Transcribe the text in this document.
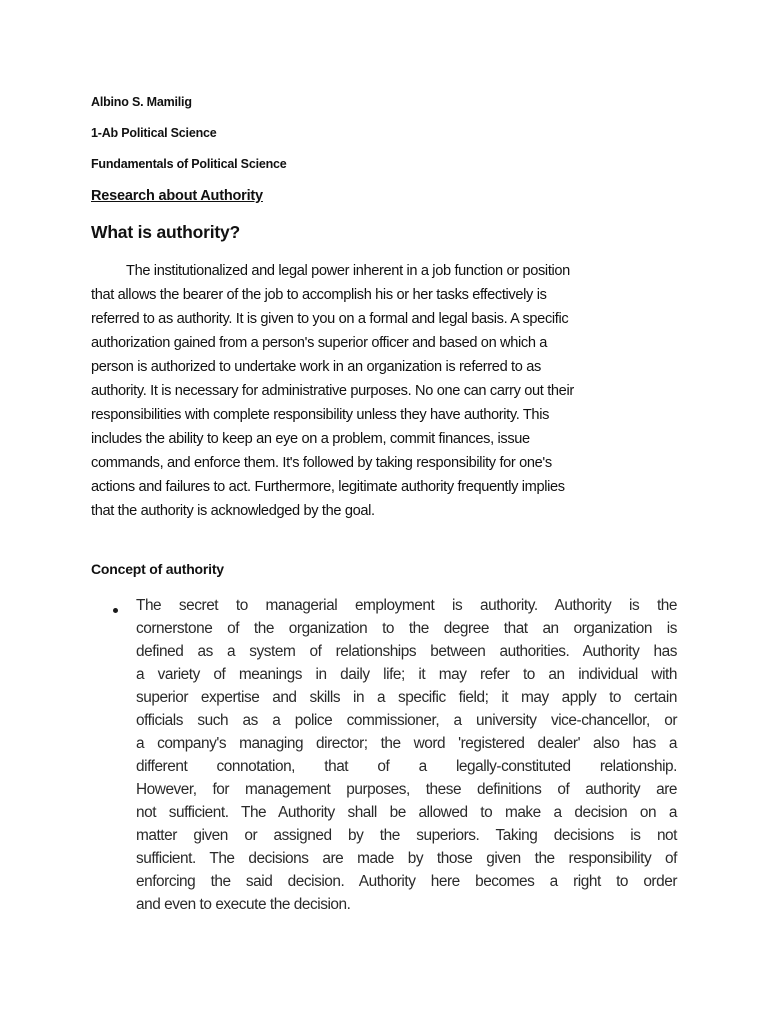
Albino S. Mamilig
1-Ab Political Science
Fundamentals of Political Science
Research about Authority
What is authority?
The institutionalized and legal power inherent in a job function or position
that allows the bearer of the job to accomplish his or her tasks effectively is
referred to as authority. It is given to you on a formal and legal basis. A specific
authorization gained from a person's superior officer and based on which a
person is authorized to undertake work in an organization is referred to as
authority. It is necessary for administrative purposes. No one can carry out their
responsibilities with complete responsibility unless they have authority. This
includes the ability to keep an eye on a problem, commit finances, issue
commands, and enforce them. It's followed by taking responsibility for one's
actions and failures to act. Furthermore, legitimate authority frequently implies
that the authority is acknowledged by the goal.
Concept of authority
The secret to managerial employment is authority. Authority is the
cornerstone of the organization to the degree that an organization is
defined as a system of relationships between authorities. Authority has
a variety of meanings in daily life; it may refer to an individual with
superior expertise and skills in a specific field; it may apply to certain
officials such as a police commissioner, a university vice-chancellor, or
a company's managing director; the word 'registered dealer' also has a
different connotation, that of a legally-constituted relationship.
However, for management purposes, these definitions of authority are
not sufficient. The Authority shall be allowed to make a decision on a
matter given or assigned by the superiors. Taking decisions is not
sufficient. The decisions are made by those given the responsibility of
enforcing the said decision. Authority here becomes a right to order
and even to execute the decision.
